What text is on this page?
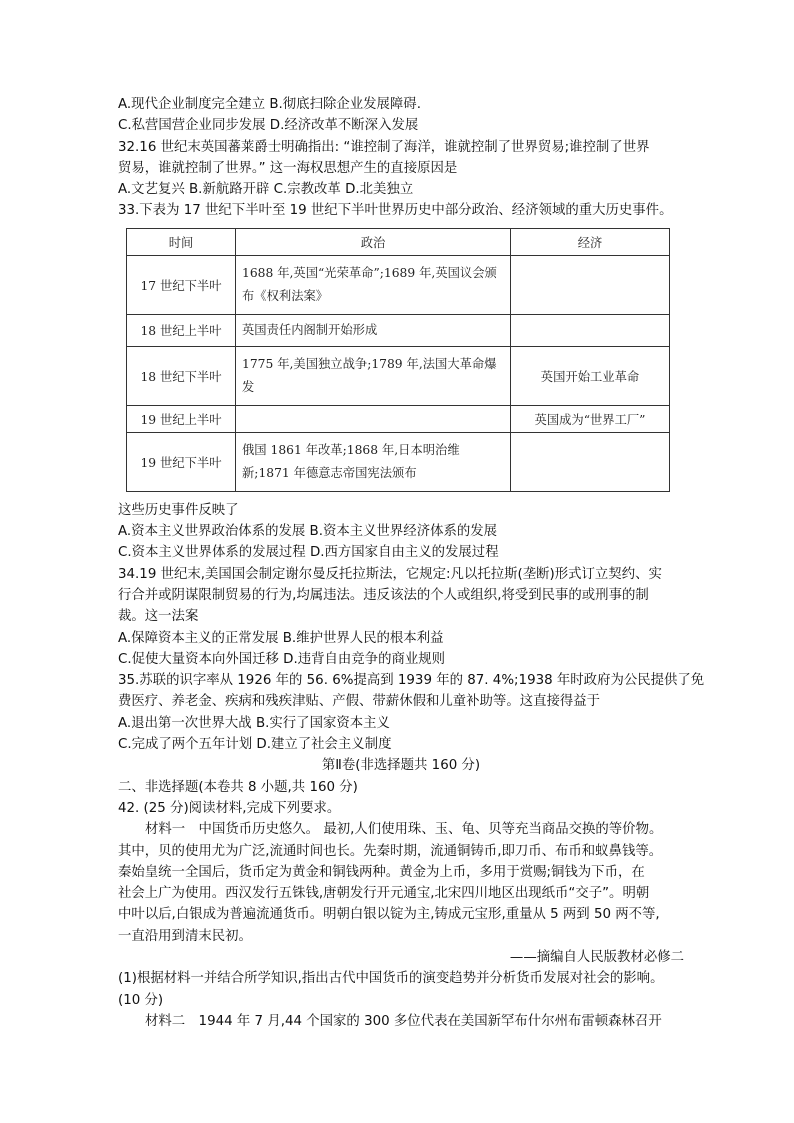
A.现代企业制度完全建立 B.彻底扫除企业发展障碍.
C.私营国营企业同步发展 D.经济改革不断深入发展
32.16 世纪末英国蕃莱爵士明确指出: “谁控制了海洋，谁就控制了世界贸易;谁控制了世界
贸易，谁就控制了世界。” 这一海权思想产生的直接原因是
A.文艺复兴 B.新航路开辟 C.宗教改革 D.北美独立
33.下表为 17 世纪下半叶至 19 世纪下半叶世界历史中部分政治、经济领域的重大历史事件。
时间	政治	经济
17 世纪下半叶	1688 年,英国“光荣革命”;1689 年,英国议会颁布《权利法案》	
18 世纪上半叶	英国责任内阁制开始形成	
18 世纪下半叶	1775 年,美国独立战争;1789 年,法国大革命爆发	英国开始工业革命
19 世纪上半叶		英国成为“世界工厂”
19 世纪下半叶	俄国 1861 年改革;1868 年,日本明治维新;1871 年德意志帝国宪法颁布	
这些历史事件反映了
A.资本主义世界政治体系的发展 B.资本主义世界经济体系的发展
C.资本主义世界体系的发展过程 D.西方国家自由主义的发展过程
34.19 世纪末,美国国会制定谢尔曼反托拉斯法，它规定:凡以托拉斯(垄断)形式订立契约、实
行合并或阴谋限制贸易的行为,均属违法。违反该法的个人或组织,将受到民事的或刑事的制
裁。这一法案
A.保障资本主义的正常发展 B.维护世界人民的根本利益
C.促使大量资本向外国迁移 D.违背自由竞争的商业规则
35.苏联的识字率从 1926 年的 56. 6%提高到 1939 年的 87. 4%;1938 年时政府为公民提供了免
费医疗、养老金、疾病和残疾津贴、产假、带薪休假和儿童补助等。这直接得益于
A.退出第一次世界大战 B.实行了国家资本主义
C.完成了两个五年计划 D.建立了社会主义制度
第Ⅱ卷(非选择题共 160 分)
二、非选择题(本卷共 8 小题,共 160 分)
42. (25 分)阅读材料,完成下列要求。
材料一　中国货币历史悠久。 最初,人们使用珠、玉、龟、贝等充当商品交换的等价物。
其中，贝的使用尤为广泛,流通时间也长。先秦时期，流通铜铸币,即刀币、布币和蚁鼻钱等。
秦始皇统一全国后，货币定为黄金和铜钱两种。黄金为上币，多用于赏赐;铜钱为下币，在
社会上广为使用。西汉发行五铢钱,唐朝发行开元通宝,北宋四川地区出现纸币“交子”。明朝
中叶以后,白银成为普遍流通货币。明朝白银以锭为主,铸成元宝形,重量从 5 两到 50 两不等,
一直沿用到清末民初。
——摘编自人民版教材必修二
(1)根据材料一并结合所学知识,指出古代中国货币的演变趋势并分析货币发展对社会的影响。
(10 分)
材料二　1944 年 7 月,44 个国家的 300 多位代表在美国新罕布什尔州布雷顿森林召开
